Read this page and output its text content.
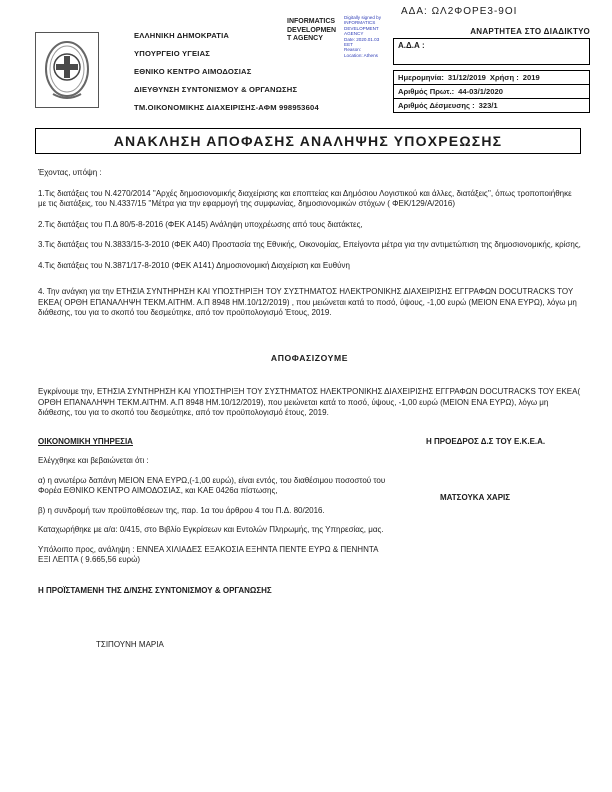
ΑΔΑ: ΩΛ2ΦΟΡΕ3-9ΟΙ
ΑΝΑΡΤΗΤΕΑ ΣΤΟ ΔΙΑΔΙΚΤΥΟ
ΕΛΛΗΝΙΚΗ ΔΗΜΟΚΡΑΤΙΑ
ΥΠΟΥΡΓΕΙΟ ΥΓΕΙΑΣ
ΕΘΝΙΚΟ ΚΕΝΤΡΟ ΑΙΜΟΔΟΣΙΑΣ
ΔΙΕΥΘΥΝΣΗ ΣΥΝΤΟΝΙΣΜΟΥ & ΟΡΓΑΝΩΣΗΣ
ΤΜ.ΟΙΚΟΝΟΜΙΚΗΣ ΔΙΑΧΕΙΡΙΣΗΣ-ΑΦΜ 998953604
INFORMATICS
DEVELOPMEN
T AGENCY
Digitally signed by
INFORMATICS
DEVELOPMENT AGENCY
Date: 2020.01.03
EET
Reason:
Location: Athens
Α.Δ.Α :
Ημερομηνία: 31/12/2019 Χρήση : 2019
Αριθμός Πρωτ.: 44-03/1/2020
Αριθμός Δέσμευσης : 323/1
ΑΝΑΚΛΗΣΗ ΑΠΟΦΑΣΗΣ ΑΝΑΛΗΨΗΣ ΥΠΟΧΡΕΩΣΗΣ

Έχοντας, υπόψη :

1.Τις διατάξεις του Ν.4270/2014 ''Αρχές δημοσιονομικής διαχείρισης και εποπτείας και Δημόσιου Λογιστικού και άλλες, διατάξεις'', όπως τροποποιήθηκε με τις διατάξεις, του Ν.4337/15 ''Μέτρα για την εφαρμογή της συμφωνίας, δημοσιονομικών στόχων ( ΦΕΚ/129/Α/2016)

2.Τις διατάξεις του Π.Δ 80/5-8-2016 (ΦΕΚ Α145) Ανάληψη υποχρέωσης από τους διατάκτες,

3.Τις διατάξεις του Ν.3833/15-3-2010 (ΦΕΚ Α40) Προστασία της Εθνικής, Οικονομίας, Επείγοντα μέτρα για την αντιμετώπιση της δημοσιονομικής, κρίσης,

4.Τις διατάξεις του Ν.3871/17-8-2010 (ΦΕΚ Α141) Δημοσιονομική Διαχείριση και Ευθύνη

4. Την ανάγκη για την ΕΤΗΣΙΑ ΣΥΝΤΗΡΗΣΗ ΚΑΙ ΥΠΟΣΤΗΡΙΞΗ ΤΟΥ ΣΥΣΤΗΜΑΤΟΣ ΗΛΕΚΤΡΟΝΙΚΗΣ ΔΙΑΧΕΙΡΙΣΗΣ ΕΓΓΡΑΦΩΝ DOCUTRACKS ΤΟΥ ΕΚΕΑ( ΟΡΘΗ ΕΠΑΝΑΛΗΨΗ ΤΕΚΜ.ΑΙΤΗΜ. Α.Π 8948 ΗΜ.10/12/2019) , που μειώνεται κατά το ποσό, ύψους, -1,00 ευρώ (ΜΕΙΟΝ ΕΝΑ ΕΥΡΩ), λόγω μη διάθεσης, του για το σκοπό του δεσμεύτηκε, από τον προϋπολογισμό Έτους, 2019.

ΑΠΟΦΑΣΙΖΟΥΜΕ

Εγκρίνουμε την, ΕΤΗΣΙΑ ΣΥΝΤΗΡΗΣΗ ΚΑΙ ΥΠΟΣΤΗΡΙΞΗ ΤΟΥ ΣΥΣΤΗΜΑΤΟΣ ΗΛΕΚΤΡΟΝΙΚΗΣ ΔΙΑΧΕΙΡΙΣΗΣ ΕΓΓΡΑΦΩΝ DOCUTRACKS ΤΟΥ ΕΚΕΑ( ΟΡΘΗ ΕΠΑΝΑΛΗΨΗ ΤΕΚΜ.ΑΙΤΗΜ. Α.Π 8948 ΗΜ.10/12/2019), που μειώνεται κατά το ποσό, ύψους, -1,00 ευρώ (ΜΕΙΟΝ ΕΝΑ ΕΥΡΩ), λόγω μη διάθεσης, του για το σκοπό του δεσμεύτηκε, από τον προϋπολογισμό έτους, 2019.

ΟΙΚΟΝΟΜΙΚΗ ΥΠΗΡΕΣΙΑ

Ελέγχθηκε και βεβαιώνεται ότι :

α) η ανωτέρω δαπάνη ΜΕΙΟΝ ΕΝΑ ΕΥΡΩ,(-1,00 ευρώ), είναι εντός, του διαθέσιμου ποσοστού του Φορέα ΕΘΝΙΚΟ ΚΕΝΤΡΟ ΑΙΜΟΔΟΣΙΑΣ, και ΚΑΕ 0426α πίστωσης,

β) η συνδρομή των προϋποθέσεων της, παρ. 1α του άρθρου 4 του Π.Δ. 80/2016.

Καταχωρήθηκε με α/α: 0/415, στο Βιβλίο Εγκρίσεων και Εντολών Πληρωμής, της Υπηρεσίας, μας.

Υπόλοιπο προς, ανάληψη : ΕΝΝΕΑ ΧΙΛΙΑΔΕΣ ΕΞΑΚΟΣΙΑ ΕΞΗΝΤΑ ΠΕΝΤΕ ΕΥΡΩ & ΠΕΝΗΝΤΑ ΕΞΙ ΛΕΠΤΑ ( 9.665,56 ευρώ)

Η ΠΡΟΕΔΡΟΣ Δ.Σ ΤΟΥ Ε.Κ.Ε.Α.

ΜΑΤΣΟΥΚΑ ΧΑΡΙΣ

Η ΠΡΟΪΣΤΑΜΕΝΗ ΤΗΣ Δ/ΝΣΗΣ ΣΥΝΤΟΝΙΣΜΟΥ & ΟΡΓΑΝΩΣΗΣ

ΤΣΙΠΟΥΝΗ ΜΑΡΙΑ
